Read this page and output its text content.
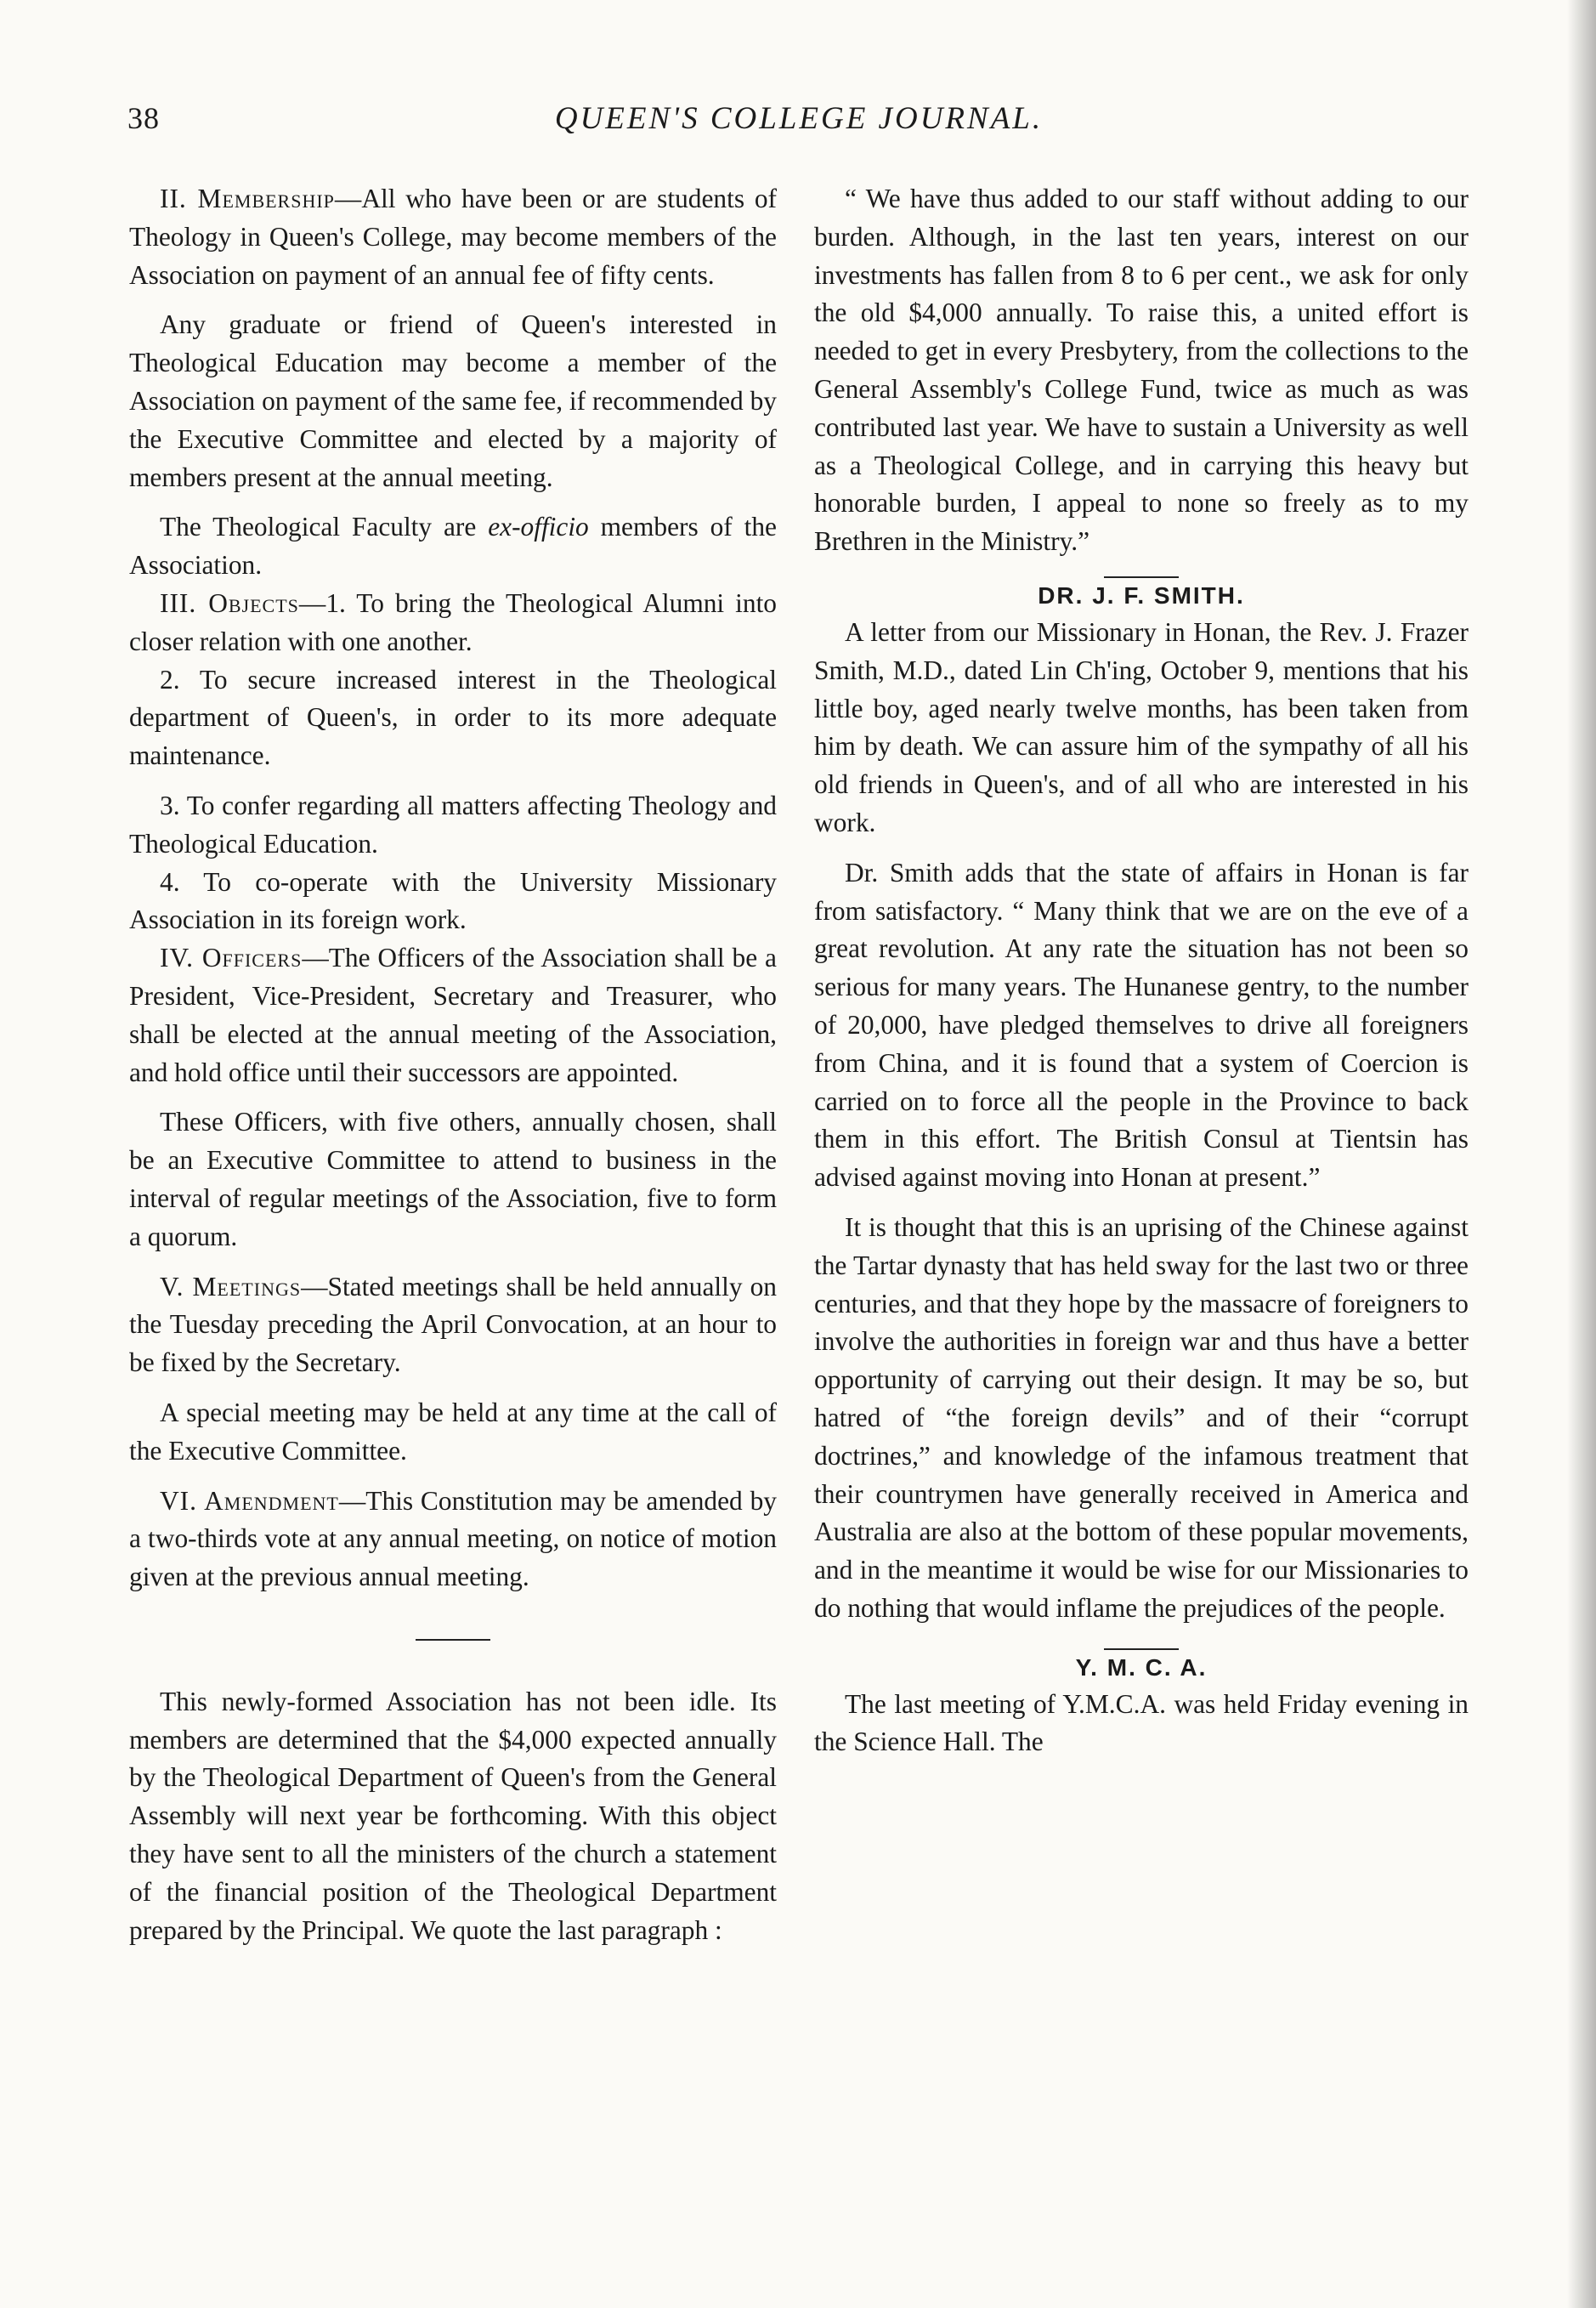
38	QUEEN'S COLLEGE JOURNAL.

II. Membership—All who have been or are students of Theology in Queen's College, may become members of the Association on payment of an annual fee of fifty cents.

Any graduate or friend of Queen's interested in Theological Education may become a member of the Association on payment of the same fee, if recommended by the Executive Committee and elected by a majority of members present at the annual meeting.

The Theological Faculty are ex-officio members of the Association.

III. Objects—1. To bring the Theological Alumni into closer relation with one another.

2. To secure increased interest in the Theological department of Queen's, in order to its more adequate maintenance.

3. To confer regarding all matters affecting Theology and Theological Education.

4. To co-operate with the University Missionary Association in its foreign work.

IV. Officers—The Officers of the Association shall be a President, Vice-President, Secretary and Treasurer, who shall be elected at the annual meeting of the Association, and hold office until their successors are appointed.

These Officers, with five others, annually chosen, shall be an Executive Committee to attend to business in the interval of regular meetings of the Association, five to form a quorum.

V. Meetings—Stated meetings shall be held annually on the Tuesday preceding the April Convocation, at an hour to be fixed by the Secretary.

A special meeting may be held at any time at the call of the Executive Committee.

VI. Amendment—This Constitution may be amended by a two-thirds vote at any annual meeting, on notice of motion given at the previous annual meeting.

This newly-formed Association has not been idle. Its members are determined that the $4,000 expected annually by the Theological Department of Queen's from the General Assembly will next year be forthcoming. With this object they have sent to all the ministers of the church a statement of the financial position of the Theological Department prepared by the Principal. We quote the last paragraph :

“ We have thus added to our staff without adding to our burden. Although, in the last ten years, interest on our investments has fallen from 8 to 6 per cent., we ask for only the old $4,000 annually. To raise this, a united effort is needed to get in every Presbytery, from the collections to the General Assembly's College Fund, twice as much as was contributed last year. We have to sustain a University as well as a Theological College, and in carrying this heavy but honorable burden, I appeal to none so freely as to my Brethren in the Ministry.”

DR. J. F. SMITH.

A letter from our Missionary in Honan, the Rev. J. Frazer Smith, M.D., dated Lin Ch'ing, October 9, mentions that his little boy, aged nearly twelve months, has been taken from him by death. We can assure him of the sympathy of all his old friends in Queen's, and of all who are interested in his work.

Dr. Smith adds that the state of affairs in Honan is far from satisfactory. “ Many think that we are on the eve of a great revolution. At any rate the situation has not been so serious for many years. The Hunanese gentry, to the number of 20,000, have pledged themselves to drive all foreigners from China, and it is found that a system of Coercion is carried on to force all the people in the Province to back them in this effort. The British Consul at Tientsin has advised against moving into Honan at present.”

It is thought that this is an uprising of the Chinese against the Tartar dynasty that has held sway for the last two or three centuries, and that they hope by the massacre of foreigners to involve the authorities in foreign war and thus have a better opportunity of carrying out their design. It may be so, but hatred of “the foreign devils” and of their “corrupt doctrines,” and knowledge of the infamous treatment that their countrymen have generally received in America and Australia are also at the bottom of these popular movements, and in the meantime it would be wise for our Missionaries to do nothing that would inflame the prejudices of the people.

Y. M. C. A.

The last meeting of Y.M.C.A. was held Friday evening in the Science Hall. The
